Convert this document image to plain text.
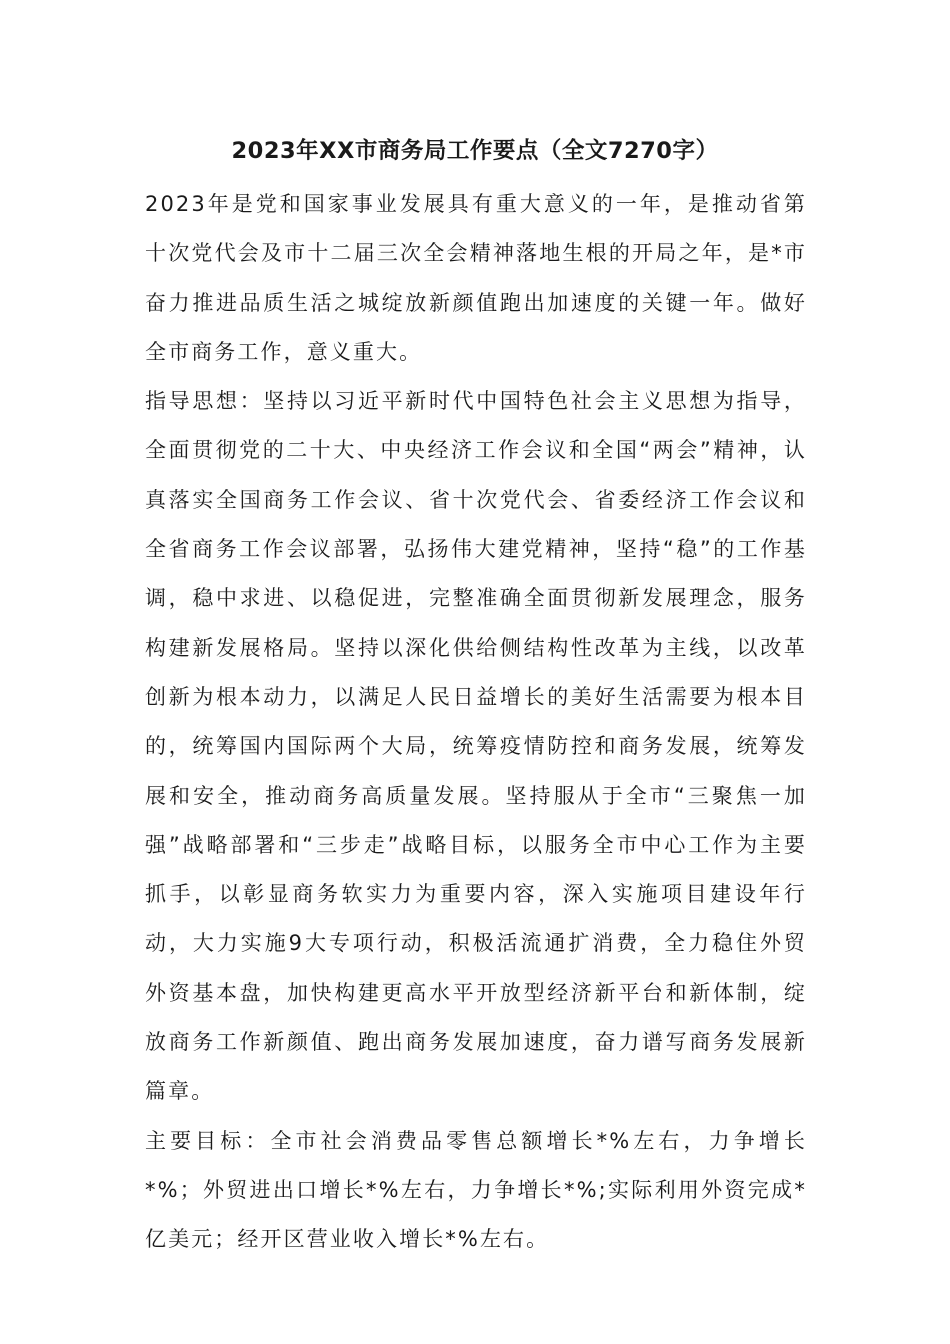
2023年XX市商务局工作要点（全文7270字）

2023年是党和国家事业发展具有重大意义的一年，是推动省第十次党代会及市十二届三次全会精神落地生根的开局之年，是*市奋力推进品质生活之城绽放新颜值跑出加速度的关键一年。做好全市商务工作，意义重大。

指导思想：坚持以习近平新时代中国特色社会主义思想为指导，全面贯彻党的二十大、中央经济工作会议和全国“两会”精神，认真落实全国商务工作会议、省十次党代会、省委经济工作会议和全省商务工作会议部署，弘扬伟大建党精神，坚持“稳”的工作基调，稳中求进、以稳促进，完整准确全面贯彻新发展理念，服务构建新发展格局。坚持以深化供给侧结构性改革为主线，以改革创新为根本动力，以满足人民日益增长的美好生活需要为根本目的，统筹国内国际两个大局，统筹疫情防控和商务发展，统筹发展和安全，推动商务高质量发展。坚持服从于全市“三聚焦一加强”战略部署和“三步走”战略目标，以服务全市中心工作为主要抓手，以彰显商务软实力为重要内容，深入实施项目建设年行动，大力实施9大专项行动，积极活流通扩消费，全力稳住外贸外资基本盘，加快构建更高水平开放型经济新平台和新体制，绽放商务工作新颜值、跑出商务发展加速度，奋力谱写商务发展新篇章。

主要目标：全市社会消费品零售总额增长*%左右，力争增长*%；外贸进出口增长*%左右，力争增长*%;实际利用外资完成*亿美元；经开区营业收入增长*%左右。
